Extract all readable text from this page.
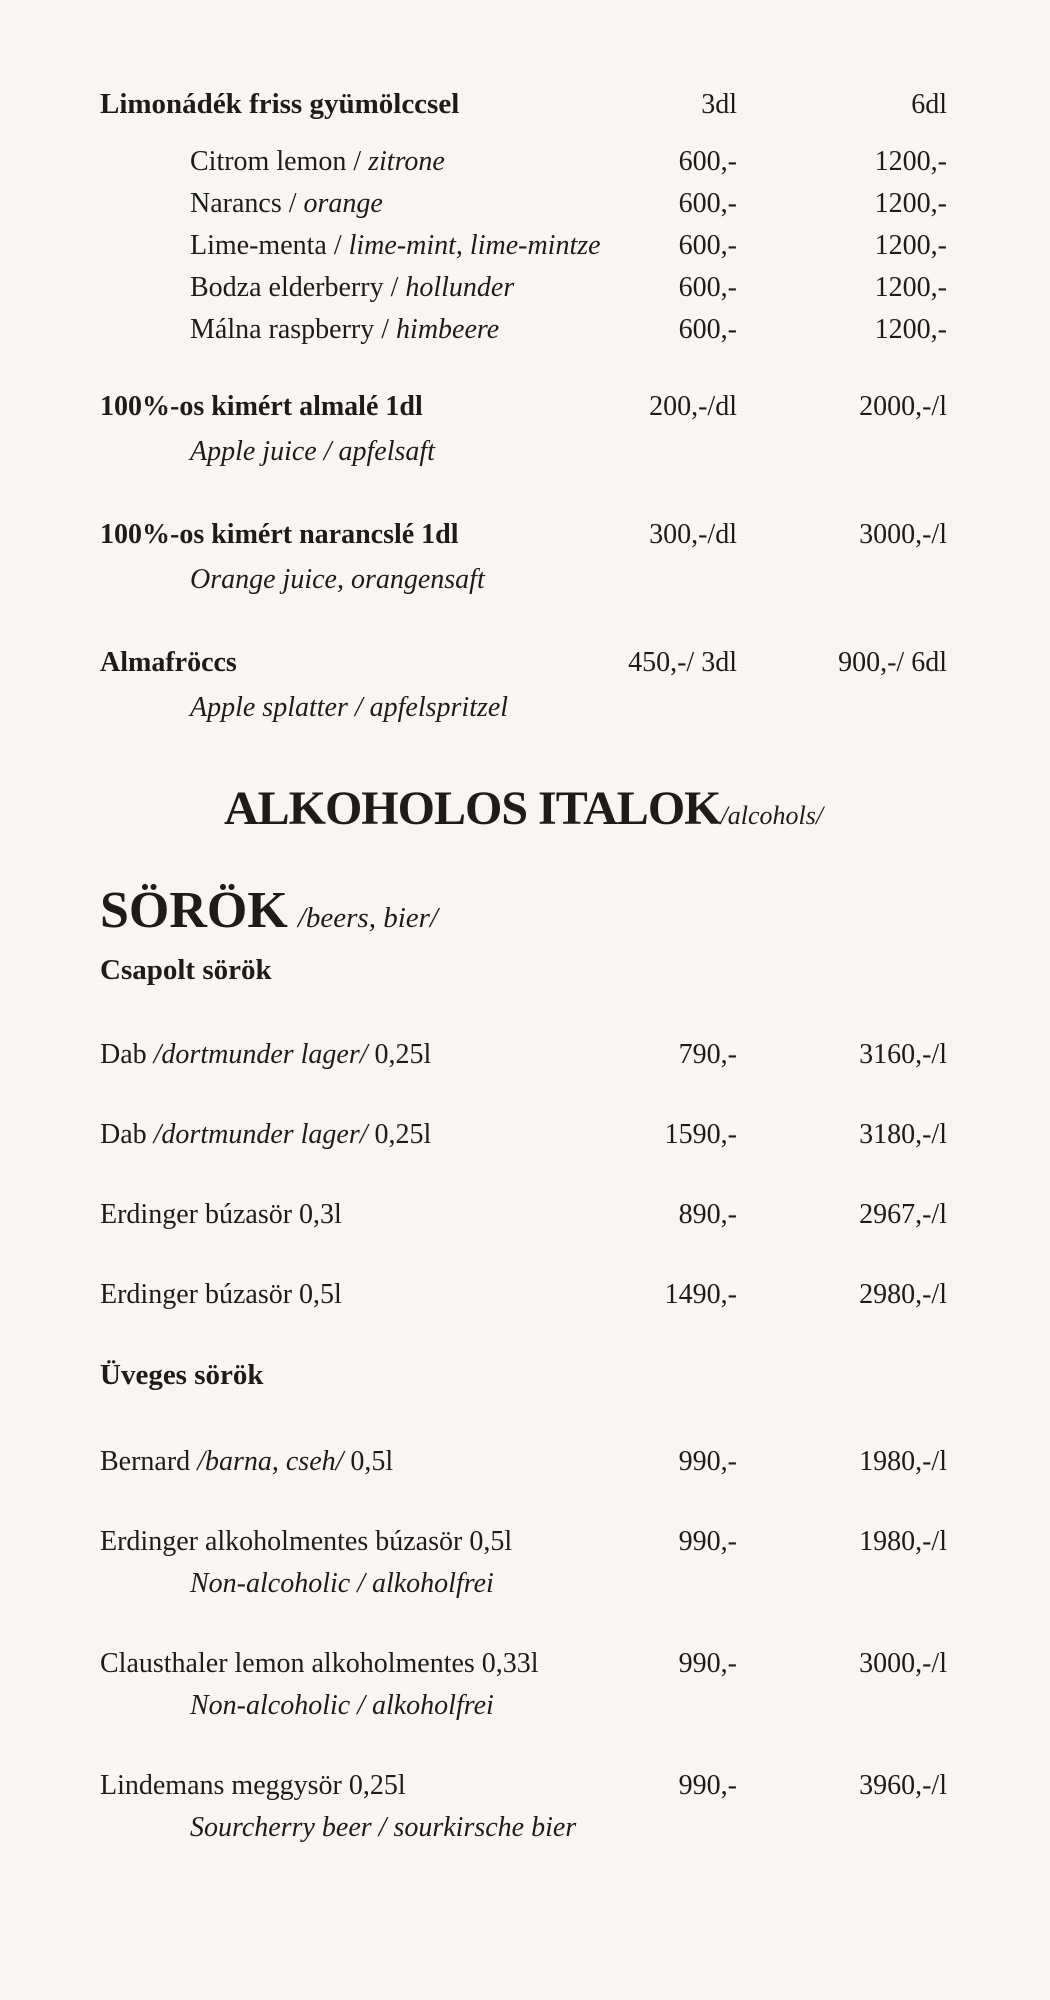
Limonádék friss gyümölccsel	3dl	6dl
Citrom lemon / zitrone	600,-	1200,-
Narancs / orange	600,-	1200,-
Lime-menta / lime-mint, lime-mintze	600,-	1200,-
Bodza elderberry / hollunder	600,-	1200,-
Málna raspberry / himbeere	600,-	1200,-
100%-os kimért almalé 1dl
Apple juice / apfelsaft
200,-/dl	2000,-/l
100%-os kimért narancslé 1dl
Orange juice, orangensaft
300,-/dl	3000,-/l
Almafröccs
Apple splatter / apfelspritzel
450,-/ 3dl	900,-/ 6dl
ALKOHOLOS ITALOK/alcohols/
SÖRÖK /beers, bier/
Csapolt sörök
Dab /dortmunder lager/ 0,25l	790,-	3160,-/l
Dab /dortmunder lager/ 0,25l	1590,-	3180,-/l
Erdinger búzasör 0,3l	890,-	2967,-/l
Erdinger búzasör 0,5l	1490,-	2980,-/l
Üveges sörök
Bernard /barna, cseh/ 0,5l	990,-	1980,-/l
Erdinger alkoholmentes búzasör 0,5l
Non-alcoholic / alkoholfrei
990,-	1980,-/l
Clausthaler lemon alkoholmentes 0,33l
Non-alcoholic / alkoholfrei
990,-	3000,-/l
Lindemans meggysör 0,25l
Sourcherry beer / sourkirsche bier
990,-	3960,-/l
